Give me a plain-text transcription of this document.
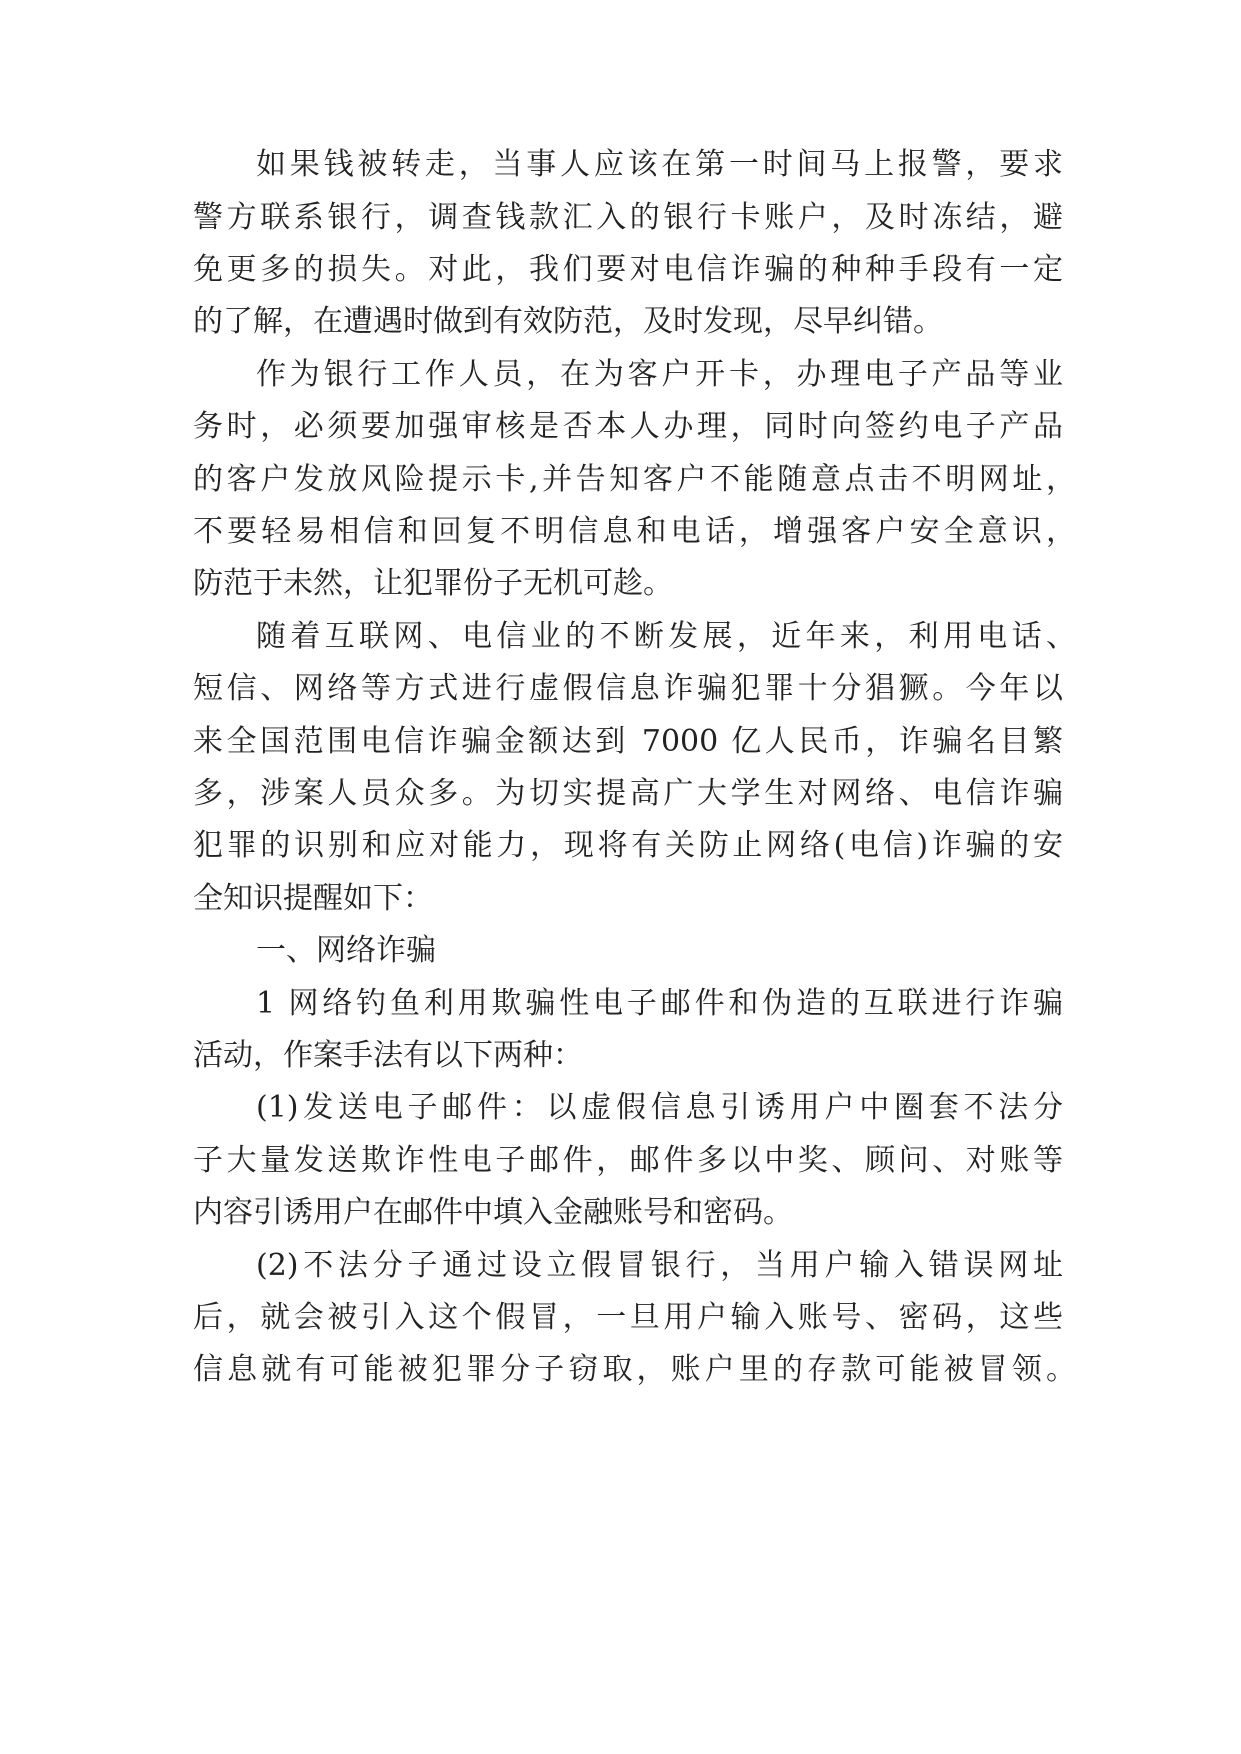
如果钱被转走，当事人应该在第一时间马上报警，要求
警方联系银行，调查钱款汇入的银行卡账户，及时冻结，避
免更多的损失。对此，我们要对电信诈骗的种种手段有一定
的了解，在遭遇时做到有效防范，及时发现，尽早纠错。
作为银行工作人员，在为客户开卡，办理电子产品等业
务时，必须要加强审核是否本人办理，同时向签约电子产品
的客户发放风险提示卡,并告知客户不能随意点击不明网址，
不要轻易相信和回复不明信息和电话，增强客户安全意识，
防范于未然，让犯罪份子无机可趁。
随着互联网、电信业的不断发展，近年来，利用电话、
短信、网络等方式进行虚假信息诈骗犯罪十分猖獗。今年以
来全国范围电信诈骗金额达到 7000 亿人民币，诈骗名目繁
多，涉案人员众多。为切实提高广大学生对网络、电信诈骗
犯罪的识别和应对能力，现将有关防止网络(电信)诈骗的安
全知识提醒如下：
一、网络诈骗
1 网络钓鱼利用欺骗性电子邮件和伪造的互联进行诈骗
活动，作案手法有以下两种：
(1)发送电子邮件：以虚假信息引诱用户中圈套不法分
子大量发送欺诈性电子邮件，邮件多以中奖、顾问、对账等
内容引诱用户在邮件中填入金融账号和密码。
(2)不法分子通过设立假冒银行，当用户输入错误网址
后，就会被引入这个假冒，一旦用户输入账号、密码，这些
信息就有可能被犯罪分子窃取，账户里的存款可能被冒领。
